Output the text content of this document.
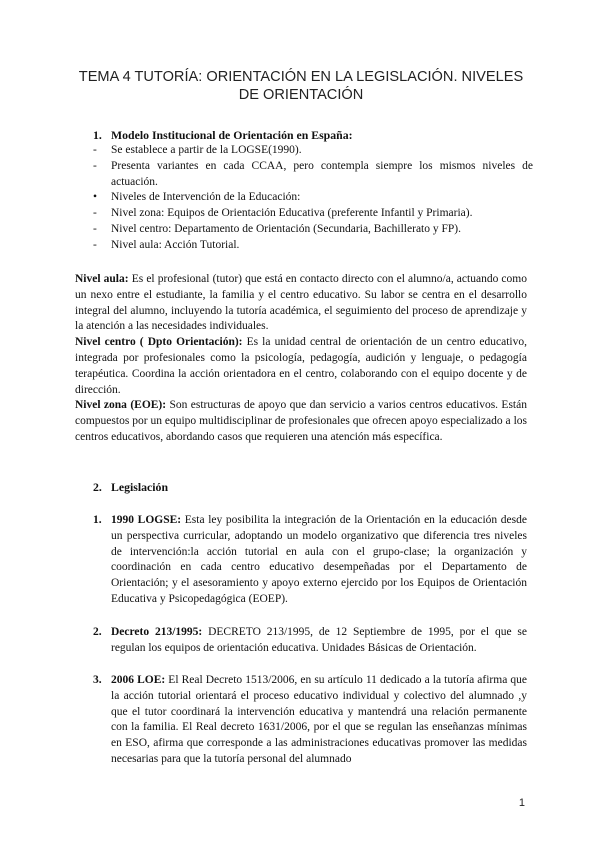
TEMA 4 TUTORÍA: ORIENTACIÓN EN LA LEGISLACIÓN. NIVELES DE ORIENTACIÓN
1. Modelo Institucional de Orientación en España:
-	Se establece a partir de la LOGSE(1990).
-	Presenta variantes en cada CCAA, pero contempla siempre los mismos niveles de actuación.
•	Niveles de Intervención de la Educación:
-	Nivel zona: Equipos de Orientación Educativa (preferente Infantil y Primaria).
-	Nivel centro: Departamento de Orientación (Secundaria, Bachillerato y FP).
-	Nivel aula: Acción Tutorial.

Nivel aula: Es el profesional (tutor) que está en contacto directo con el alumno/a, actuando como un nexo entre el estudiante, la familia y el centro educativo. Su labor se centra en el desarrollo integral del alumno, incluyendo la tutoría académica, el seguimiento del proceso de aprendizaje y la atención a las necesidades individuales.

Nivel centro ( Dpto Orientación): Es la unidad central de orientación de un centro educativo, integrada por profesionales como la psicología, pedagogía, audición y lenguaje, o pedagogía terapéutica. Coordina la acción orientadora en el centro, colaborando con el equipo docente y de dirección.

Nivel zona (EOE): Son estructuras de apoyo que dan servicio a varios centros educativos. Están compuestos por un equipo multidisciplinar de profesionales que ofrecen apoyo especializado a los centros educativos, abordando casos que requieren una atención más específica.

2. Legislación
1. 1990 LOGSE: Esta ley posibilita la integración de la Orientación en la educación desde un perspectiva curricular, adoptando un modelo organizativo que diferencia tres niveles de intervención:la acción tutorial en aula con el grupo-clase; la organización y coordinación en cada centro educativo desempeñadas por el Departamento de Orientación; y el asesoramiento y apoyo externo ejercido por los Equipos de Orientación Educativa y Psicopedagógica (EOEP).
2. Decreto 213/1995: DECRETO 213/1995, de 12 Septiembre de 1995, por el que se regulan los equipos de orientación educativa. Unidades Básicas de Orientación.
3. 2006 LOE: El Real Decreto 1513/2006, en su artículo 11 dedicado a la tutoría afirma que la acción tutorial orientará el proceso educativo individual y colectivo del alumnado ,y que el tutor coordinará la intervención educativa y mantendrá una relación permanente con la familia. El Real decreto 1631/2006, por el que se regulan las enseñanzas mínimas en ESO, afirma que corresponde a las administraciones educativas promover las medidas necesarias para que la tutoría personal del alumnado
1
